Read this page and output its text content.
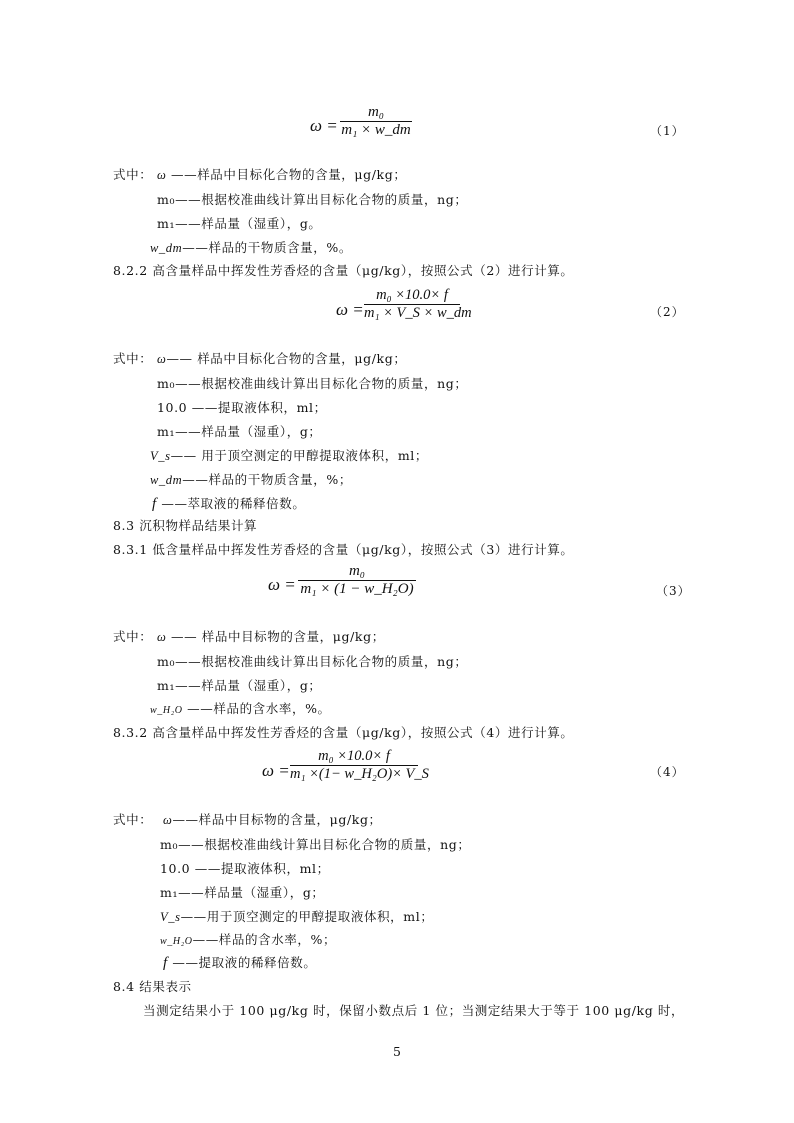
ω =
m₀
m₁ × w_dm	（1）
式中： ω ——样品中目标化合物的含量，μg/kg；
m₀——根据校准曲线计算出目标化合物的质量，ng；
m₁——样品量（湿重），g。
w_dm——样品的干物质含量，%。
8.2.2 高含量样品中挥发性芳香烃的含量（μg/kg），按照公式（2）进行计算。
ω =
m₀ ×10.0× f
m₁ × V_S × w_dm	（2）
式中： ω—— 样品中目标化合物的含量，μg/kg；
m₀——根据校准曲线计算出目标化合物的质量，ng；
10.0 ——提取液体积，ml；
m₁——样品量（湿重），g；
V_s—— 用于顶空测定的甲醇提取液体积，ml；
w_dm——样品的干物质含量，%；
f ——萃取液的稀释倍数。
8.3 沉积物样品结果计算
8.3.1 低含量样品中挥发性芳香烃的含量（μg/kg），按照公式（3）进行计算。
ω =
m₀
m₁ × (1 − w_H₂O)	（3）
式中： ω —— 样品中目标物的含量，μg/kg；
m₀——根据校准曲线计算出目标化合物的质量，ng；
m₁——样品量（湿重），g；
w_H₂O ——样品的含水率，%。
8.3.2 高含量样品中挥发性芳香烃的含量（μg/kg），按照公式（4）进行计算。
ω =
m₀ ×10.0× f
m₁ ×(1− w_H₂O)× V_S	（4）
式中： ω——样品中目标物的含量，μg/kg；
m₀——根据校准曲线计算出目标化合物的质量，ng；
10.0 ——提取液体积，ml；
m₁——样品量（湿重），g；
V_s——用于顶空测定的甲醇提取液体积，ml；
w_H₂O——样品的含水率，%；
f ——提取液的稀释倍数。
8.4 结果表示
当测定结果小于 100 μg/kg 时，保留小数点后 1 位；当测定结果大于等于 100 μg/kg 时，
5
